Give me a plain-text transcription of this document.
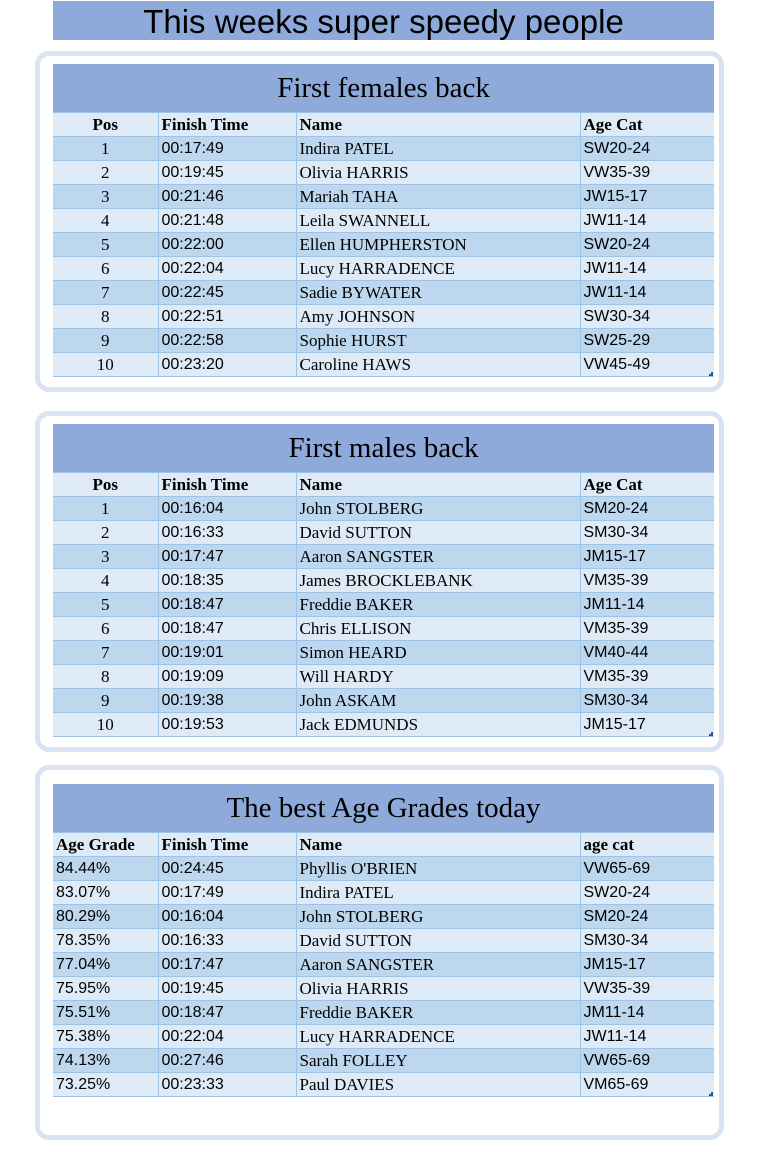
This weeks super speedy people
First females back			
Pos	Finish Time	Name	Age Cat
1	00:17:49	Indira PATEL	SW20-24
2	00:19:45	Olivia HARRIS	VW35-39
3	00:21:46	Mariah TAHA	JW15-17
4	00:21:48	Leila SWANNELL	JW11-14
5	00:22:00	Ellen HUMPHERSTON	SW20-24
6	00:22:04	Lucy HARRADENCE	JW11-14
7	00:22:45	Sadie BYWATER	JW11-14
8	00:22:51	Amy JOHNSON	SW30-34
9	00:22:58	Sophie HURST	SW25-29
10	00:23:20	Caroline HAWS	VW45-49
First males back			
Pos	Finish Time	Name	Age Cat
1	00:16:04	John STOLBERG	SM20-24
2	00:16:33	David SUTTON	SM30-34
3	00:17:47	Aaron SANGSTER	JM15-17
4	00:18:35	James BROCKLEBANK	VM35-39
5	00:18:47	Freddie BAKER	JM11-14
6	00:18:47	Chris ELLISON	VM35-39
7	00:19:01	Simon HEARD	VM40-44
8	00:19:09	Will HARDY	VM35-39
9	00:19:38	John ASKAM	SM30-34
10	00:19:53	Jack EDMUNDS	JM15-17
The best Age Grades today			
Age Grade	Finish Time	Name	age cat
84.44%	00:24:45	Phyllis O'BRIEN	VW65-69
83.07%	00:17:49	Indira PATEL	SW20-24
80.29%	00:16:04	John STOLBERG	SM20-24
78.35%	00:16:33	David SUTTON	SM30-34
77.04%	00:17:47	Aaron SANGSTER	JM15-17
75.95%	00:19:45	Olivia HARRIS	VW35-39
75.51%	00:18:47	Freddie BAKER	JM11-14
75.38%	00:22:04	Lucy HARRADENCE	JW11-14
74.13%	00:27:46	Sarah FOLLEY	VW65-69
73.25%	00:23:33	Paul DAVIES	VM65-69
